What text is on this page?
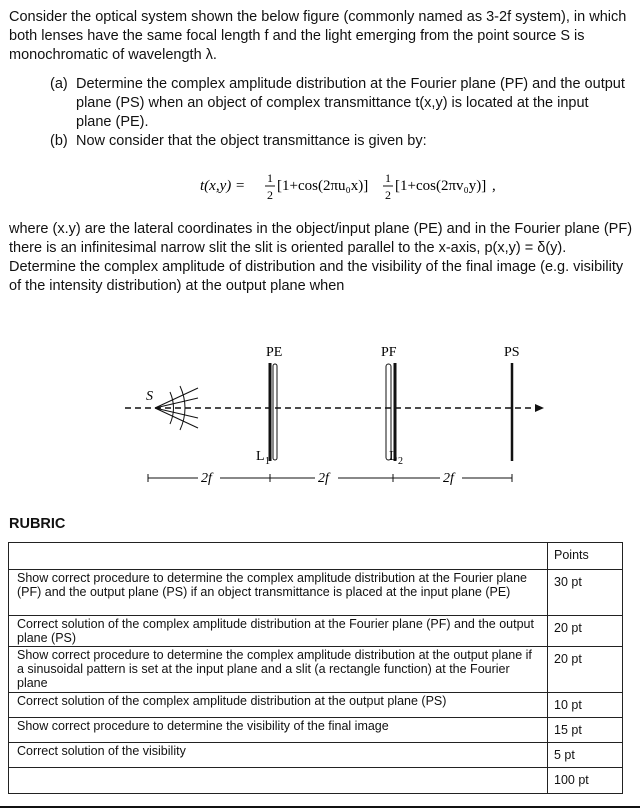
Consider the optical system shown the below figure (commonly named as 3-2f system), in which both lenses have the same focal length f and the light emerging from the point source S is monochromatic of wavelength λ.
(a) Determine the complex amplitude distribution at the Fourier plane (PF) and the output plane (PS) when an object of complex transmittance t(x,y) is located at the input plane (PE).
(b) Now consider that the object transmittance is given by:
t(x,y) = 1
2
[1+cos(2πu₀x)] 1
2
[1+cos(2πv₀y)] ,
where (x.y) are the lateral coordinates in the object/input plane (PE) and in the Fourier plane (PF) there is an infinitesimal narrow slit the slit is oriented parallel to the x-axis, p(x,y) = δ(y). Determine the complex amplitude of distribution and the visibility of the final image (e.g. visibility of the intensity distribution) at the output plane when
S
PE
L 1
PF
L 2
PS
2f	2f	2f
RUBRIC
	Points
Show correct procedure to determine the complex amplitude distribution at the Fourier plane (PF) and the output plane (PS) if an object transmittance is placed at the input plane (PE)	30 pt
Correct solution of the complex amplitude distribution at the Fourier plane (PF) and the output plane (PS)	20 pt
Show correct procedure to determine the complex amplitude distribution at the output plane if a sinusoidal pattern is set at the input plane and a slit (a rectangle function) at the Fourier plane	20 pt
Correct solution of the complex amplitude distribution at the output plane (PS)	10 pt
Show correct procedure to determine the visibility of the final image	15 pt
Correct solution of the visibility	5 pt
	100 pt
